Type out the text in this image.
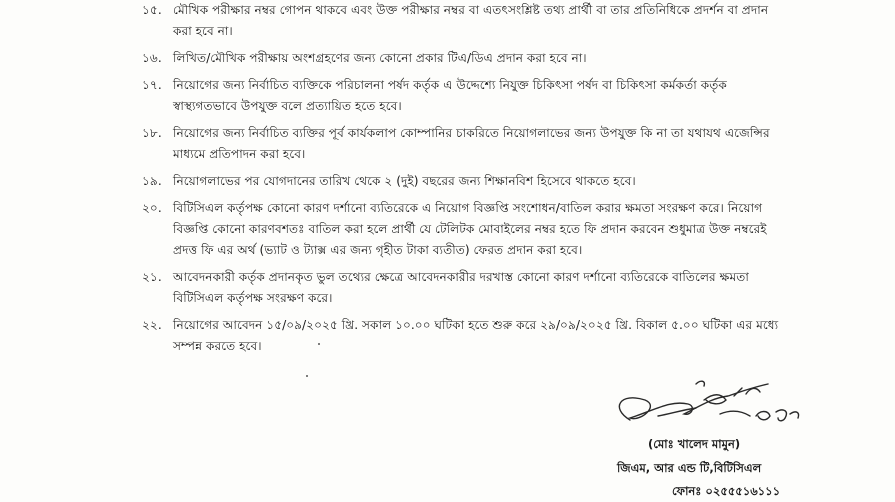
১৫. মৌখিক পরীক্ষার নম্বর গোপন থাকবে এবং উক্ত পরীক্ষার নম্বর বা এতৎসংশ্লিষ্ট তথ্য প্রার্থী বা তার প্রতিনিধিকে প্রদর্শন বা প্রদান
করা হবে না।
১৬. লিখিত/মৌখিক পরীক্ষায় অংশগ্রহণের জন্য কোনো প্রকার টিএ/ডিএ প্রদান করা হবে না।
১৭. নিয়োগের জন্য নির্বাচিত ব্যক্তিকে পরিচালনা পর্ষদ কর্তৃক এ উদ্দেশ্যে নিযুক্ত চিকিৎসা পর্ষদ বা চিকিৎসা কর্মকর্তা কর্তৃক
স্বাস্থ্যগতভাবে উপযুক্ত বলে প্রত্যায়িত হতে হবে।
১৮. নিয়োগের জন্য নির্বাচিত ব্যক্তির পূর্ব কার্যকলাপ কোম্পানির চাকরিতে নিয়োগলাভের জন্য উপযুক্ত কি না তা যথাযথ এজেন্সির
মাধ্যমে প্রতিপাদন করা হবে।
১৯. নিয়োগলাভের পর যোগদানের তারিখ থেকে ২ (দুই) বছরের জন্য শিক্ষানবিশ হিসেবে থাকতে হবে।
২০. বিটিসিএল কর্তৃপক্ষ কোনো কারণ দর্শানো ব্যতিরেকে এ নিয়োগ বিজ্ঞপ্তি সংশোধন/বাতিল করার ক্ষমতা সংরক্ষণ করে। নিয়োগ
বিজ্ঞপ্তি কোনো কারণবশতঃ বাতিল করা হলে প্রার্থী যে টেলিটক মোবাইলের নম্বর হতে ফি প্রদান করবেন শুধুমাত্র উক্ত নম্বরেই
প্রদত্ত ফি এর অর্থ (ভ্যাট ও ট্যাক্স এর জন্য গৃহীত টাকা ব্যতীত) ফেরত প্রদান করা হবে।
২১. আবেদনকারী কর্তৃক প্রদানকৃত ভুল তথ্যের ক্ষেত্রে আবেদনকারীর দরখাস্ত কোনো কারণ দর্শানো ব্যতিরেকে বাতিলের ক্ষমতা
বিটিসিএল কর্তৃপক্ষ সংরক্ষণ করে।
২২. নিয়োগের আবেদন ১৫/০৯/২০২৫ খ্রি. সকাল ১০.০০ ঘটিকা হতে শুরু করে ২৯/০৯/২০২৫ খ্রি. বিকাল ৫.০০ ঘটিকা এর মধ্যে
সম্পন্ন করতে হবে।
(মোঃ খালেদ মামুন)
জিএম, আর এন্ড টি,বিটিসিএল
ফোনঃ ০২৫৫৫১৬১১১
